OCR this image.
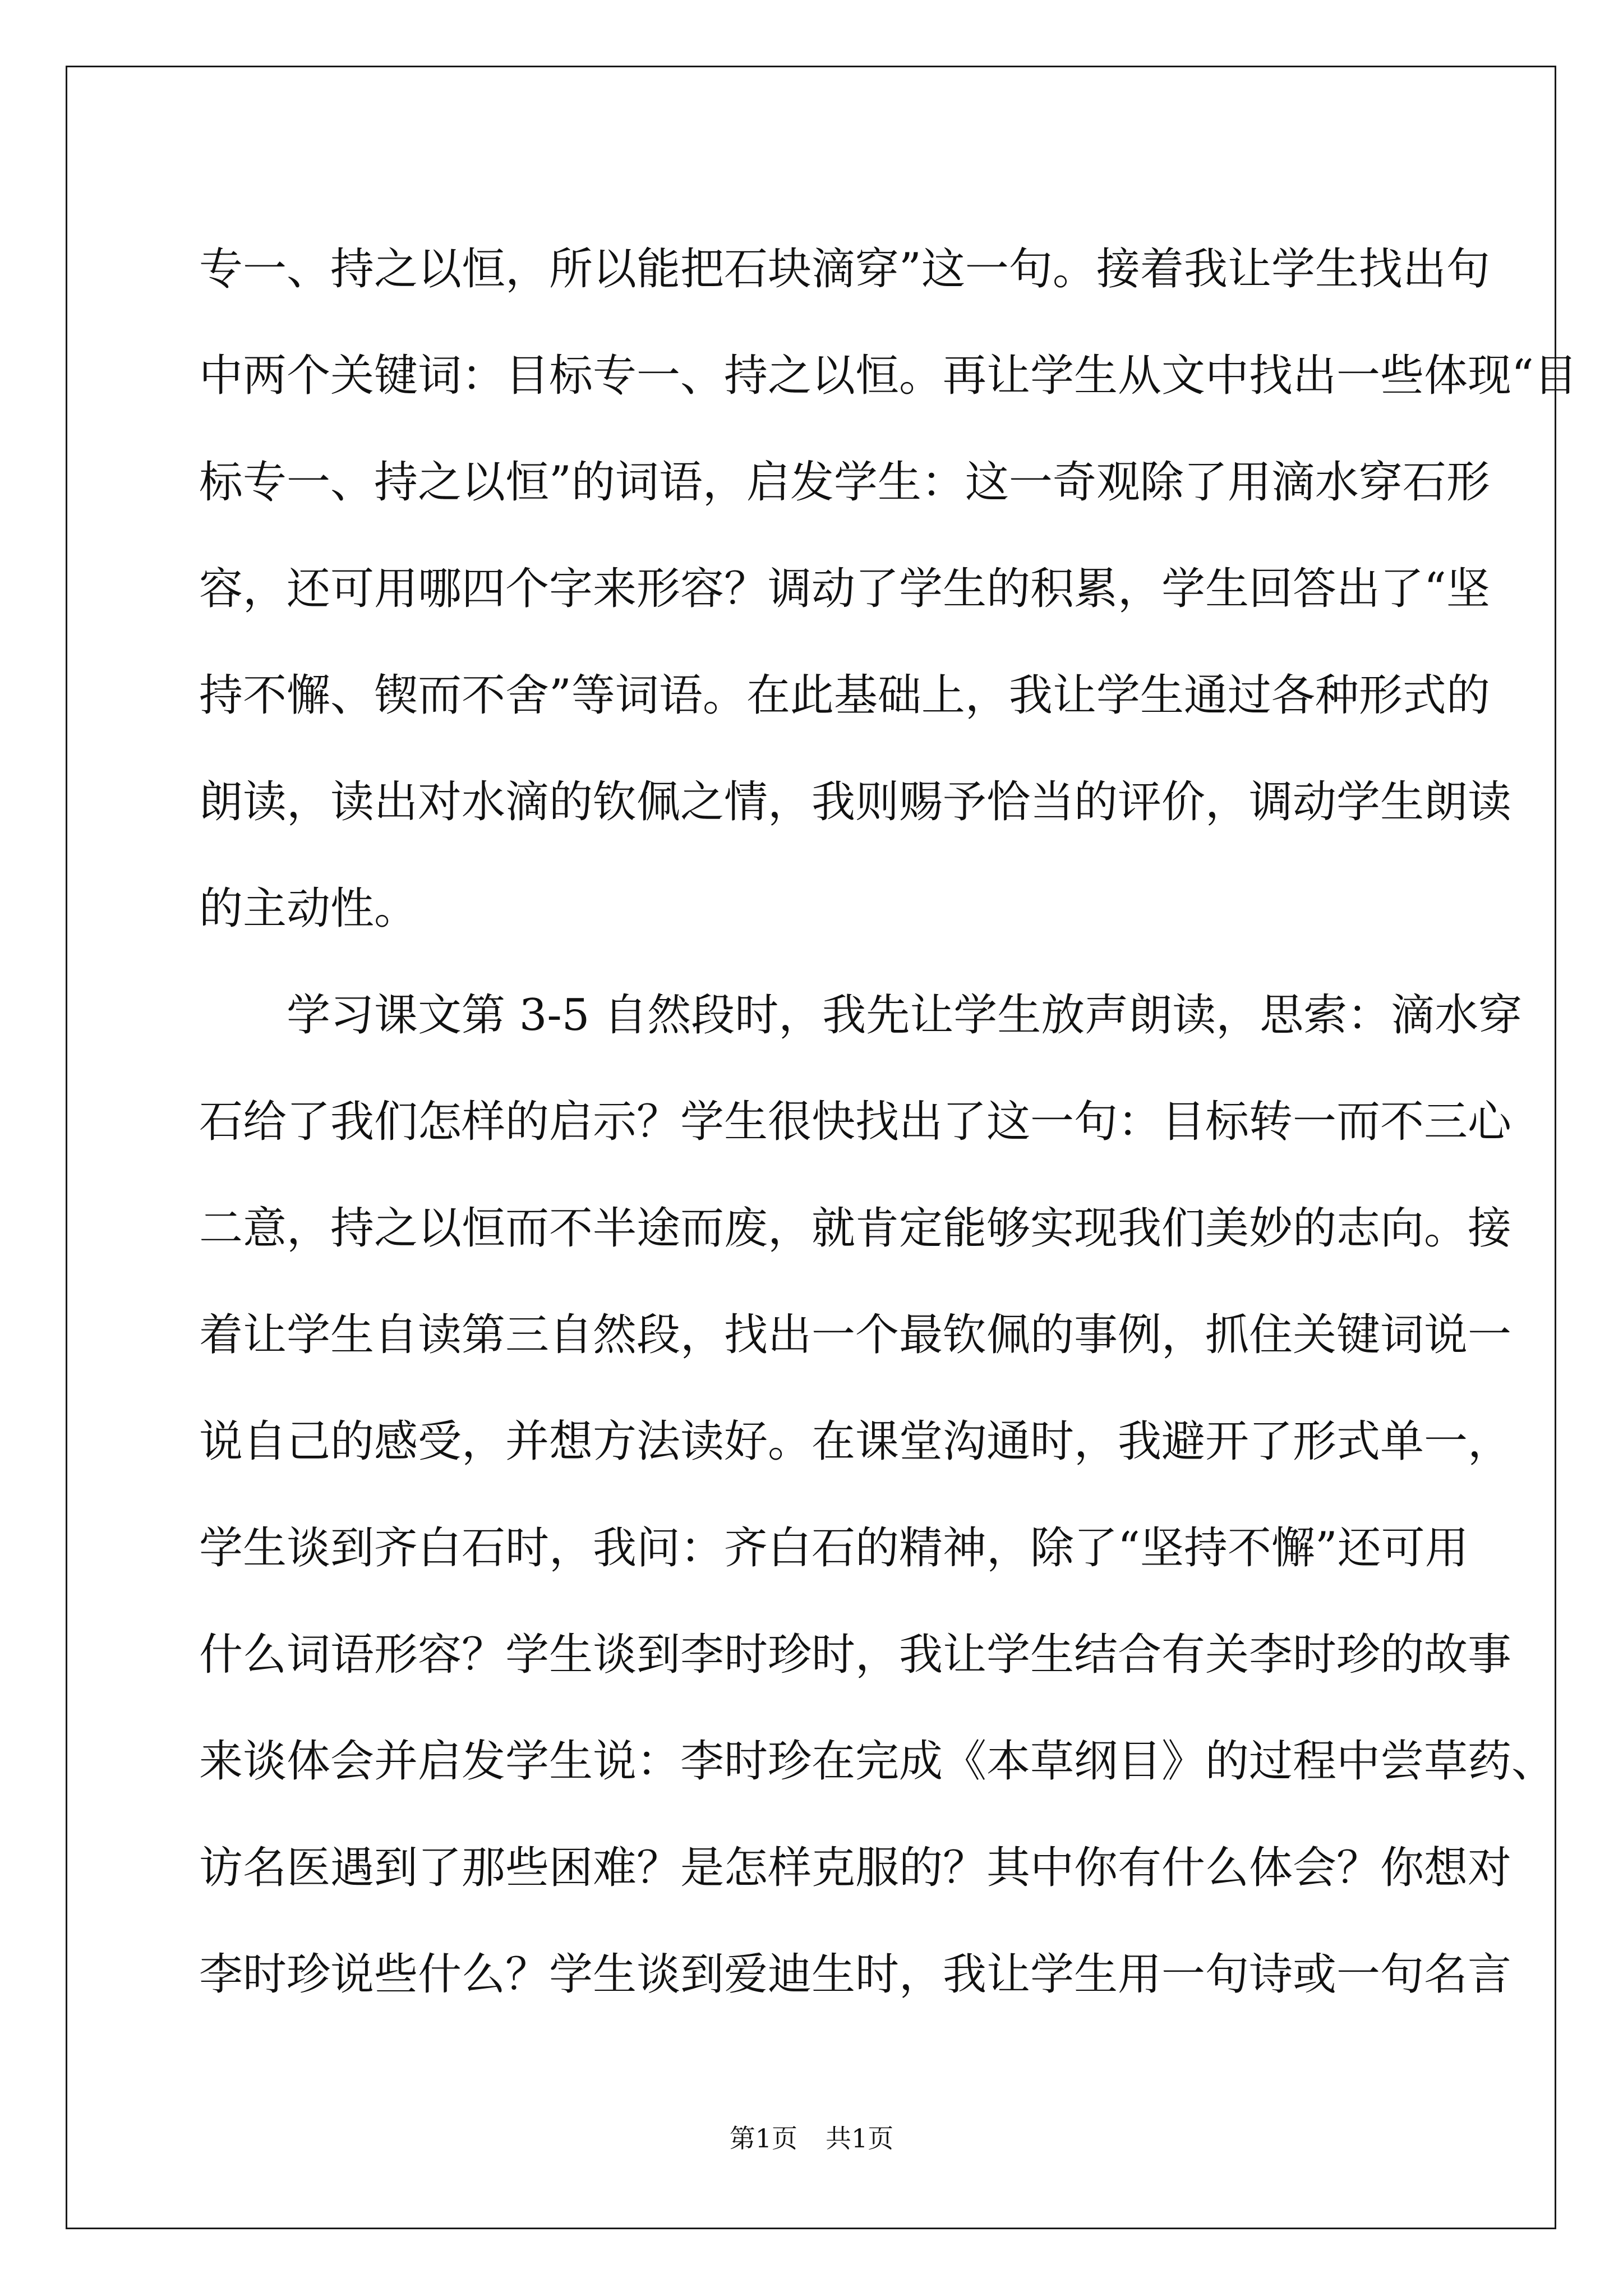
专一、持之以恒，所以能把石块滴穿”这一句。接着我让学生找出句
中两个关键词：目标专一、持之以恒。再让学生从文中找出一些体现“目
标专一、持之以恒”的词语，启发学生：这一奇观除了用滴水穿石形
容，还可用哪四个字来形容？调动了学生的积累，学生回答出了“坚
持不懈、锲而不舍”等词语。在此基础上，我让学生通过各种形式的
朗读，读出对水滴的钦佩之情，我则赐予恰当的评价，调动学生朗读
的主动性。
学习课文第 3-5 自然段时，我先让学生放声朗读，思索：滴水穿
石给了我们怎样的启示？学生很快找出了这一句：目标转一而不三心
二意，持之以恒而不半途而废，就肯定能够实现我们美妙的志向。接
着让学生自读第三自然段，找出一个最钦佩的事例，抓住关键词说一
说自己的感受，并想方法读好。在课堂沟通时，我避开了形式单一，
学生谈到齐白石时，我问：齐白石的精神，除了“坚持不懈”还可用
什么词语形容？学生谈到李时珍时，我让学生结合有关李时珍的故事
来谈体会并启发学生说：李时珍在完成《本草纲目》的过程中尝草药、
访名医遇到了那些困难？是怎样克服的？其中你有什么体会？你想对
李时珍说些什么？学生谈到爱迪生时，我让学生用一句诗或一句名言
第1页 共1页
